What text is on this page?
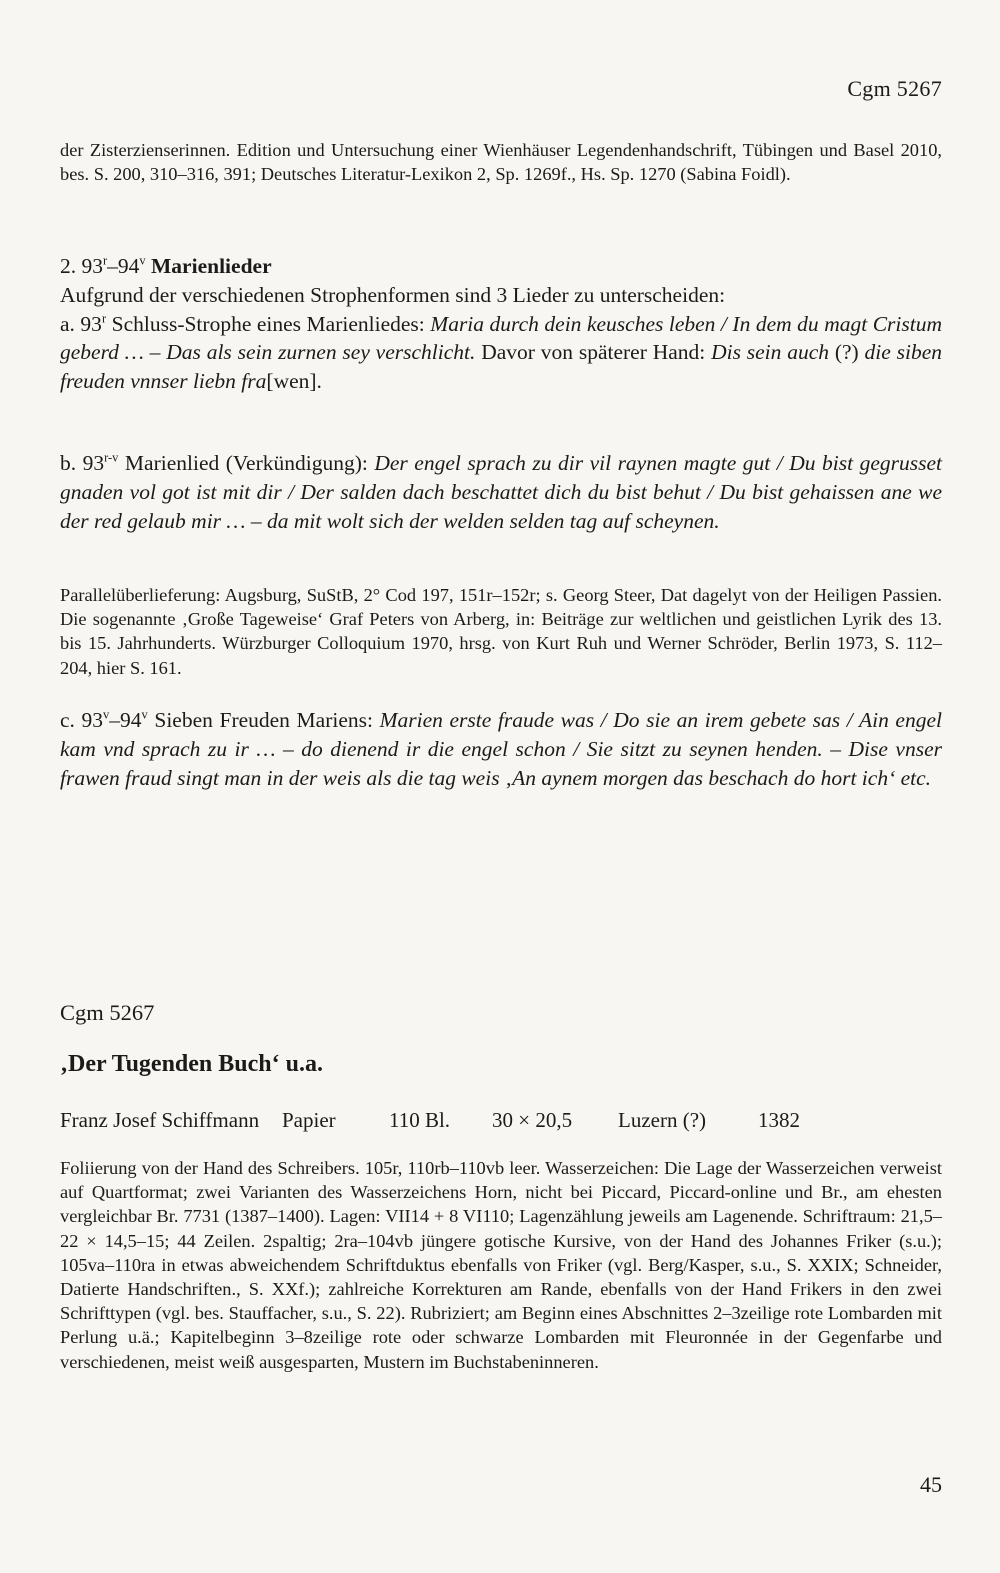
Cgm 5267

der Zisterzienserinnen. Edition und Untersuchung einer Wienhäuser Legendenhandschrift, Tübingen und Basel 2010, bes. S. 200, 310–316, 391; Deutsches Literatur-Lexikon 2, Sp. 1269f., Hs. Sp. 1270 (Sabina Foidl).

2. 93$^r$–94$^v$ Marienlieder

Aufgrund der verschiedenen Strophenformen sind 3 Lieder zu unterscheiden:

a. 93$^r$ Schluss-Strophe eines Marienliedes: Maria durch dein keusches leben / In dem du magt Cristum geberd … – Das als sein zurnen sey verschlicht. Davor von späterer Hand: Dis sein auch (?) die siben freuden vnnser liebn fra[wen].

b. 93$^{r-v}$ Marienlied (Verkündigung): Der engel sprach zu dir vil raynen magte gut / Du bist gegrusset gnaden vol got ist mit dir / Der salden dach beschattet dich du bist behut / Du bist gehaissen ane we der red gelaub mir … – da mit wolt sich der welden selden tag auf scheynen.

Parallelüberlieferung: Augsburg, SuStB, 2° Cod 197, 151r–152r; s. Georg Steer, Dat dagelyt von der Heiligen Passien. Die sogenannte ‚Große Tageweise‘ Graf Peters von Arberg, in: Beiträge zur weltlichen und geistlichen Lyrik des 13. bis 15. Jahrhunderts. Würzburger Colloquium 1970, hrsg. von Kurt Ruh und Werner Schröder, Berlin 1973, S. 112–204, hier S. 161.

c. 93$^v$–94$^v$ Sieben Freuden Mariens: Marien erste fraude was / Do sie an irem gebete sas / Ain engel kam vnd sprach zu ir … – do dienend ir die engel schon / Sie sitzt zu seynen henden. – Dise vnser frawen fraud singt man in der weis als die tag weis ‚An aynem morgen das beschach do hort ich‘ etc.

Cgm 5267
‚Der Tugenden Buch‘ u.a.
Franz Josef Schiffmann Papier	110 Bl. 30 × 20,5 Luzern (?) 1382

Foliierung von der Hand des Schreibers. 105r, 110rb–110vb leer. Wasserzeichen: Die Lage der Wasserzeichen verweist auf Quartformat; zwei Varianten des Wasserzeichens Horn, nicht bei Piccard, Piccard-online und Br., am ehesten vergleichbar Br. 7731 (1387–1400). Lagen: VII14 + 8 VI110; Lagenzählung jeweils am Lagenende. Schriftraum: 21,5–22 × 14,5–15; 44 Zeilen. 2spaltig; 2ra–104vb jüngere gotische Kursive, von der Hand des Johannes Friker (s.u.); 105va–110ra in etwas abweichendem Schriftduktus ebenfalls von Friker (vgl. Berg/Kasper, s.u., S. XXIX; Schneider, Datierte Handschriften., S. XXf.); zahlreiche Korrekturen am Rande, ebenfalls von der Hand Frikers in den zwei Schrifttypen (vgl. bes. Stauffacher, s.u., S. 22). Rubriziert; am Beginn eines Abschnittes 2–3zeilige rote Lombarden mit Perlung u.ä.; Kapitelbeginn 3–8zeilige rote oder schwarze Lombarden mit Fleuronnée in der Gegenfarbe und verschiedenen, meist weiß ausgesparten, Mustern im Buchstabeninneren.

45
